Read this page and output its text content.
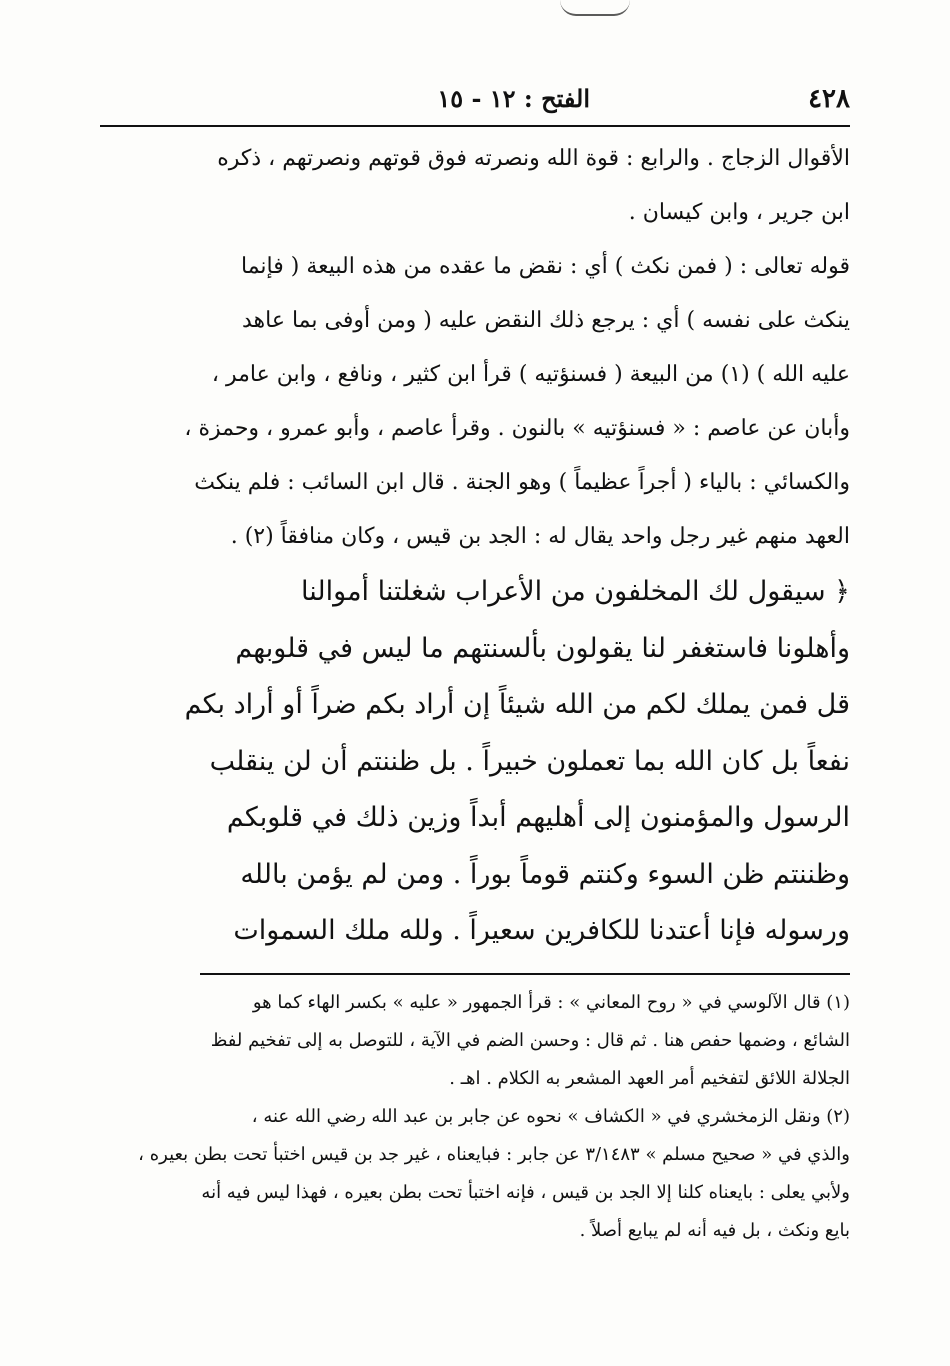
٤٢٨
الفتح : ١٢ - ١٥
الأقوال الزجاج . والرابع : قوة الله ونصرته فوق قوتهم ونصرتهم ، ذكره
ابن جرير ، وابن كيسان .
قوله تعالى : ( فمن نكث ) أي : نقض ما عقده من هذه البيعة ( فإنما
ينكث على نفسه ) أي : يرجع ذلك النقض عليه ( ومن أوفى بما عاهد
عليه الله ) (١) من البيعة ( فسنؤتيه ) قرأ ابن كثير ، ونافع ، وابن عامر ،
وأبان عن عاصم : « فسنؤتيه » بالنون . وقرأ عاصم ، وأبو عمرو ، وحمزة ،
والكسائي : بالياء ( أجراً عظيماً ) وهو الجنة . قال ابن السائب : فلم ينكث
العهد منهم غير رجل واحد يقال له : الجد بن قيس ، وكان منافقاً (٢) .
﴿ سيقول لك المخلفون من الأعراب شغلتنا أموالنا
وأهلونا فاستغفر لنا يقولون بألسنتهم ما ليس في قلوبهم
قل فمن يملك لكم من الله شيئاً إن أراد بكم ضراً أو أراد بكم
نفعاً بل كان الله بما تعملون خبيراً . بل ظننتم أن لن ينقلب
الرسول والمؤمنون إلى أهليهم أبداً وزين ذلك في قلوبكم
وظننتم ظن السوء وكنتم قوماً بوراً . ومن لم يؤمن بالله
ورسوله فإنا أعتدنا للكافرين سعيراً . ولله ملك السموات
(١) قال الآلوسي في « روح المعاني » : قرأ الجمهور « عليه » بكسر الهاء كما هو
الشائع ، وضمها حفص هنا . ثم قال : وحسن الضم في الآية ، للتوصل به إلى تفخيم لفظ
الجلالة اللائق لتفخيم أمر العهد المشعر به الكلام . اهـ .
(٢) ونقل الزمخشري في « الكشاف » نحوه عن جابر بن عبد الله رضي الله عنه ،
والذي في « صحيح مسلم » ٣/١٤٨٣ عن جابر : فبايعناه ، غير جد بن قيس اختبأ تحت بطن بعيره ،
ولأبي يعلى : بايعناه كلنا إلا الجد بن قيس ، فإنه اختبأ تحت بطن بعيره ، فهذا ليس فيه أنه
بايع ونكث ، بل فيه أنه لم يبايع أصلاً .
